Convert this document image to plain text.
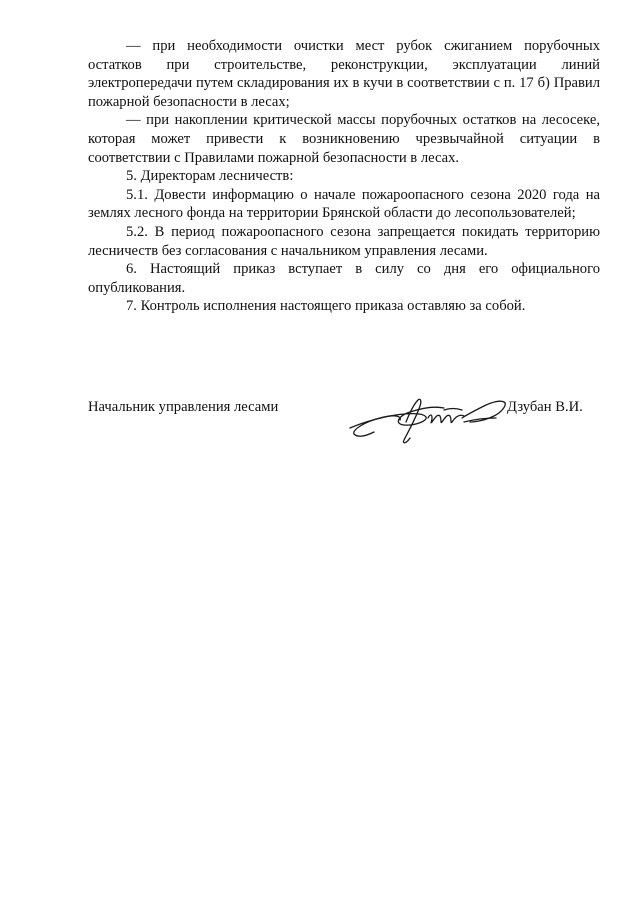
— при необходимости очистки мест рубок сжиганием порубочных остатков при строительстве, реконструкции, эксплуатации линий электропередачи путем складирования их в кучи в соответствии с п. 17 б) Правил пожарной безопасности в лесах;

— при накоплении критической массы порубочных остатков на лесосеке, которая может привести к возникновению чрезвычайной ситуации в соответствии с Правилами пожарной безопасности в лесах.

5. Директорам лесничеств:

5.1. Довести информацию о начале пожароопасного сезона 2020 года на землях лесного фонда на территории Брянской области до лесопользователей;

5.2. В период пожароопасного сезона запрещается покидать территорию лесничеств без согласования с начальником управления лесами.

6. Настоящий приказ вступает в силу со дня его официального опубликования.

7. Контроль исполнения настоящего приказа оставляю за собой.

Начальник управления лесами	Дзубан В.И.
